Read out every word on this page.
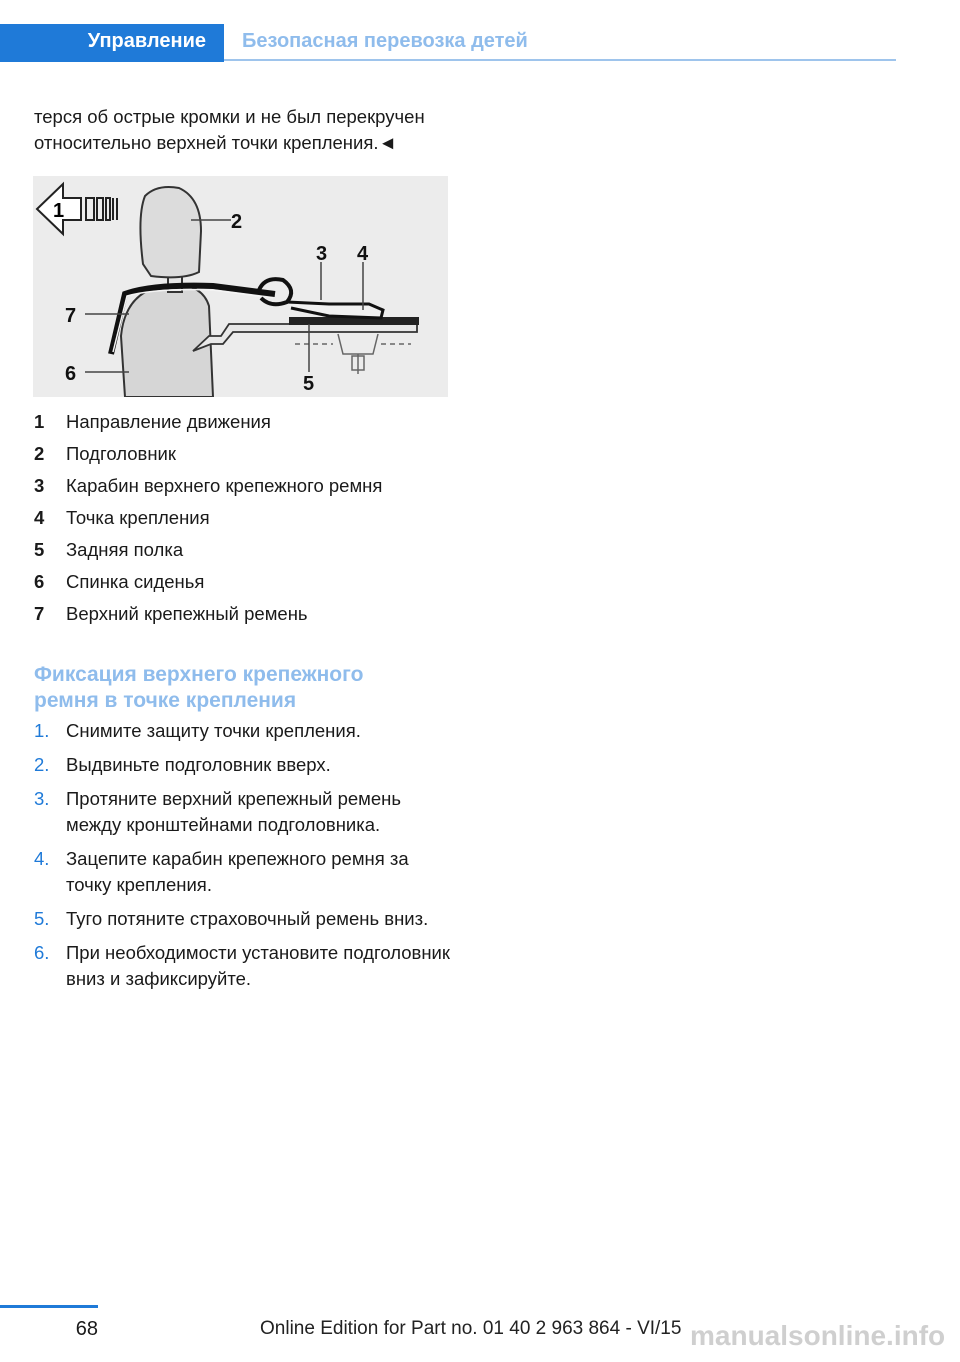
Управление Безопасная перевозка детей
терся об острые кромки и не был перекручен
относительно верхней точки крепления.◄
1	2
3 4
5
6
7
1 Направление движения
2 Подголовник
3 Карабин верхнего крепежного ремня
4 Точка крепления
5 Задняя полка
6 Спинка сиденья
7 Верхний крепежный ремень
Фиксация верхнего крепежного
ремня в точке крепления
1. Снимите защиту точки крепления.
2. Выдвиньте подголовник вверх.
3. Протяните верхний крепежный ремень между кронштейнами подголовника.
4. Зацепите карабин крепежного ремня за точку крепления.
5. Туго потяните страховочный ремень вниз.
6. При необходимости установите подголовник вниз и зафиксируйте.
68	Online Edition for Part no. 01 40 2 963 864 - VI/15 manualsonline.info
